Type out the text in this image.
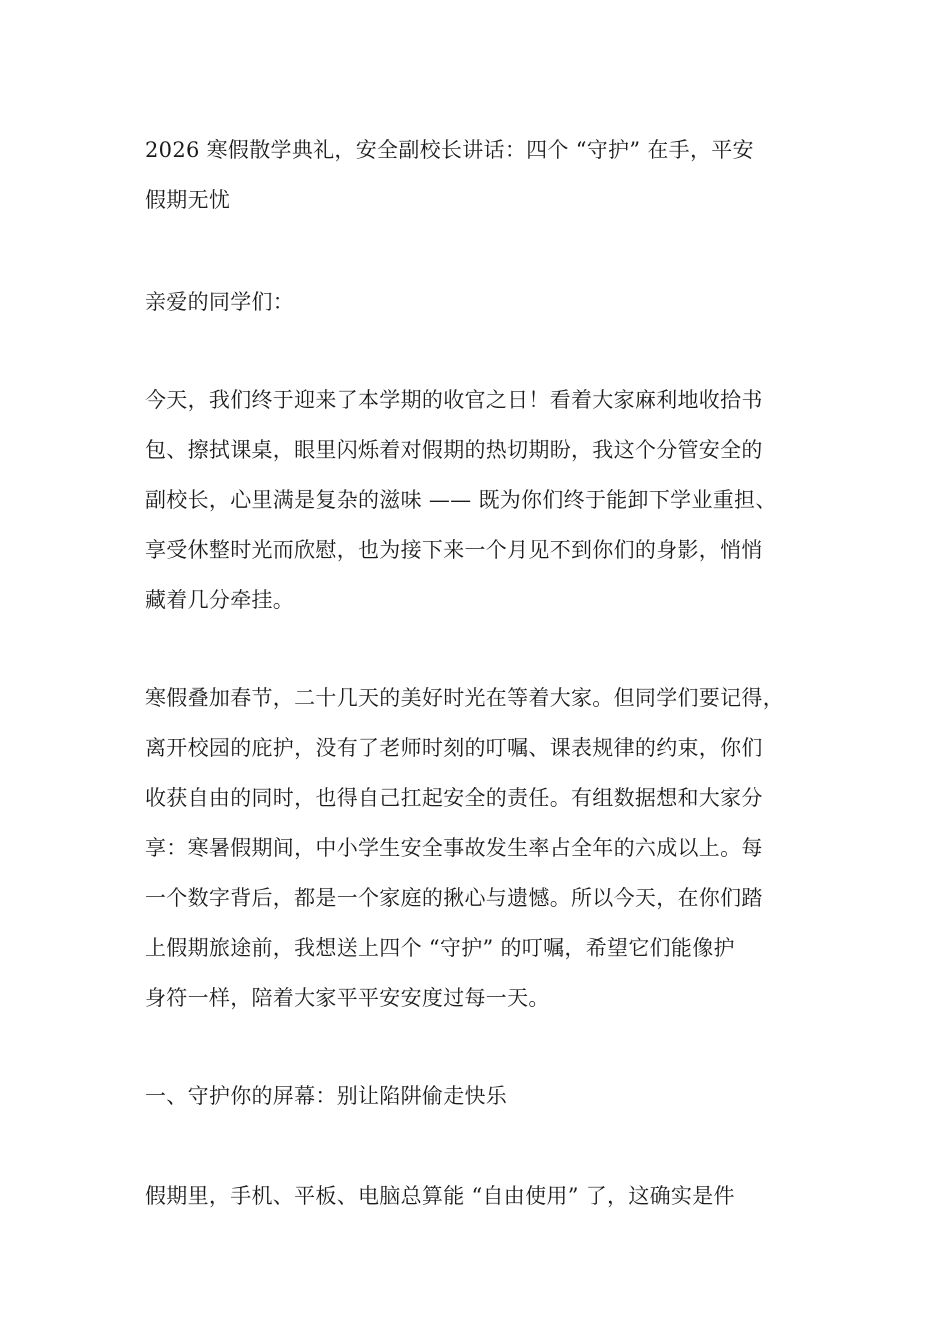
2026 寒假散学典礼，安全副校长讲话：四个 “守护” 在手，平安

假期无忧

亲爱的同学们：

今天，我们终于迎来了本学期的收官之日！看着大家麻利地收拾书

包、擦拭课桌，眼里闪烁着对假期的热切期盼，我这个分管安全的

副校长，心里满是复杂的滋味 —— 既为你们终于能卸下学业重担、

享受休整时光而欣慰，也为接下来一个月见不到你们的身影，悄悄

藏着几分牵挂。

寒假叠加春节，二十几天的美好时光在等着大家。但同学们要记得，

离开校园的庇护，没有了老师时刻的叮嘱、课表规律的约束，你们

收获自由的同时，也得自己扛起安全的责任。有组数据想和大家分

享：寒暑假期间，中小学生安全事故发生率占全年的六成以上。每

一个数字背后，都是一个家庭的揪心与遗憾。所以今天，在你们踏

上假期旅途前，我想送上四个 “守护” 的叮嘱，希望它们能像护

身符一样，陪着大家平平安安度过每一天。

一、守护你的屏幕：别让陷阱偷走快乐

假期里，手机、平板、电脑总算能 “自由使用” 了，这确实是件
